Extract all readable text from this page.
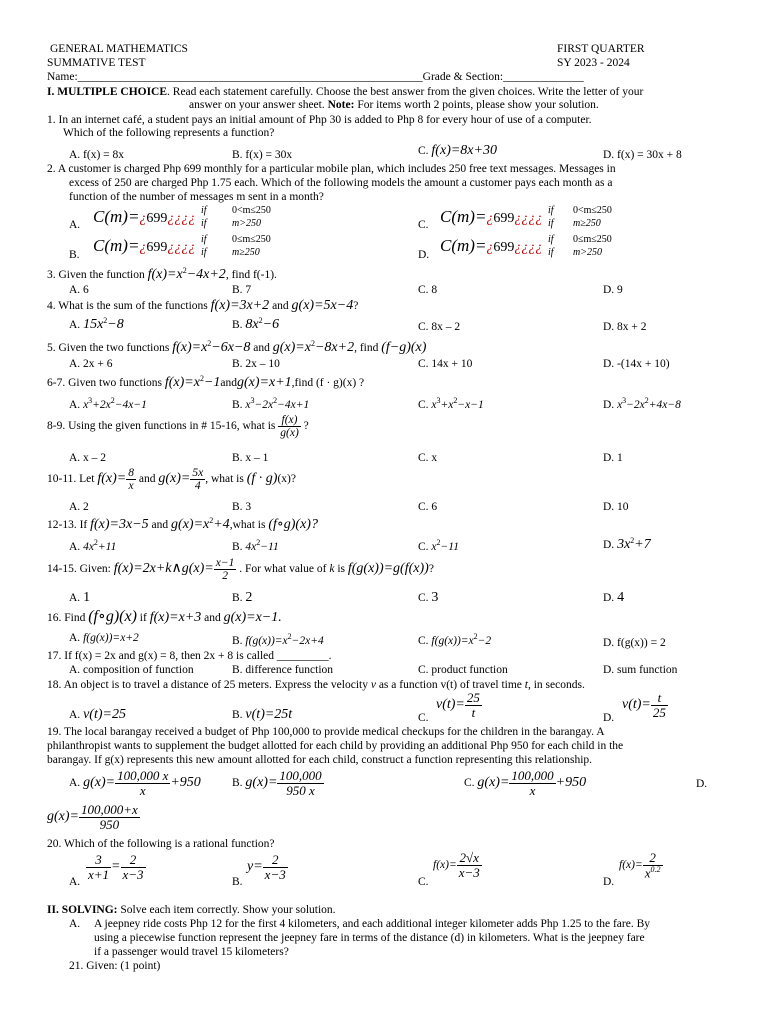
GENERAL MATHEMATICS	FIRST QUARTER
SUMMATIVE TEST	SY 2023 - 2024
Name:____________________________________________________________Grade & Section:______________
I. MULTIPLE CHOICE. Read each statement carefully. Choose the best answer from the given choices. Write the letter of your
answer on your answer sheet. Note: For items worth 2 points, please show your solution.
1. In an internet café, a student pays an initial amount of Php 30 is added to Php 8 for every hour of use of a computer.
Which of the following represents a function?
A. f(x) = 8x	B. f(x) = 30x	C. f(x)=8x+30	D. f(x) = 30x + 8
2. A customer is charged Php 699 monthly for a particular mobile plan, which includes 250 free text messages. Messages in
excess of 250 are charged Php 1.75 each. Which of the following models the amount a customer pays each month as a
function of the number of messages m sent in a month?
A. C(m)=¿699¿¿¿¿
if
if
0<m≤250
m>250	C. C(m)=¿699¿¿¿¿
if
if
0<m≤250
m≥250
B. C(m)=¿699¿¿¿¿
if
if
0≤m≤250
m≥250	D. C(m)=¿699¿¿¿¿
if
if
0≤m≤250
m>250
3. Given the function $f(x)=x^2-4x+2$, find f(-1).
A. 6	B. 7	C. 8	D. 9
4. What is the sum of the functions f(x)=3x+2 and g(x)=5x−4?
A. $15x^2-8$	B. $8x^2-6$	C. 8x – 2	D. 8x + 2
5. Given the two functions $f(x)=x^2-6x-8$ and $g(x)=x^2-8x+2$, find (f−g)(x)
A. 2x + 6	B. 2x – 10	C. 14x + 10	D. -(14x + 10)
6-7. Given two functions $f(x)=x^2-1andg(x)=x+1,find$ (f · g)(x) ?
A. $x^3+2x^2-4x-1$	B. $x^3-2x^2-4x+1$	C. $x^3+x^2-x-1$	D. $x^3-2x^2+4x-8$
8-9. Using the given functions in # 15-16, what is $\frac{f(x)}{g(x)}$ ?
A. x – 2	B. x – 1	C. x	D. 1
10-11. Let $f(x)= \frac{8}{x}$ and $g(x)= \frac{5x}{4}$ , what is (f · g)(x)?
A. 2	B. 3	C. 6	D. 10
12-13. If f(x)=3x−5 and $g(x)=x^2+4,what$ is (f∘g)(x)?
A. $4x^2+11$	B. $4x^2-11$	C. $x^2-11$	D. $3x^2+7$
14-15. Given: f(x)=2x+k∧g(x)= $\frac{x-1}{2}$ . For what value of k is f(g(x))=g(f(x))?
A. 1	B. 2	C. 3	D. 4
16. Find (f∘g)(x) if f(x)=x+3 and g(x)=x−1.
A. f(g(x))=x+2	B. $f(g(x))=x^2-2x+4$	C. $f(g(x))=x^2-2$	D. f(g(x)) = 2
17. If f(x) = 2x and g(x) = 8, then 2x + 8 is called _________.
A. composition of function	B. difference function	C. product function	D. sum function
18. An object is to travel a distance of 25 meters. Express the velocity v as a function v(t) of travel time t, in seconds.
A. v(t)=25	B. v(t)=25t	C.
$v(t)= \frac{25}{t}$	D.
$v(t)= \frac{t}{25}$
19. The local barangay received a budget of Php 100,000 to provide medical checkups for the children in the barangay. A
philanthropist wants to supplement the budget allotted for each child by providing an additional Php 950 for each child in the
barangay. If g(x) represents this new amount allotted for each child, construct a function representing this relationship.
A. $g(x)= \frac{100,000 x}{x} +950$	B. $g(x)= \frac{100,000}{950 x}$	C. $g(x)= \frac{100,000}{x} +950$	D.
$g(x)= \frac{100,000+x}{950}$
20. Which of the following is a rational function?
A.
$\frac{3}{x+1} = \frac{2}{x-3}$
B.
$y= \frac{2}{x-3}$
C.
$f(x)= \frac{2√x}{x-3}$
D.
$f(x)= \frac{2}{x^{0.2}}$
II. SOLVING: Solve each item correctly. Show your solution.
A. A jeepney ride costs Php 12 for the first 4 kilometers, and each additional integer kilometer adds Php 1.25 to the fare. By
using a piecewise function represent the jeepney fare in terms of the distance (d) in kilometers. What is the jeepney fare
if a passenger would travel 15 kilometers?
21. Given: (1 point)
